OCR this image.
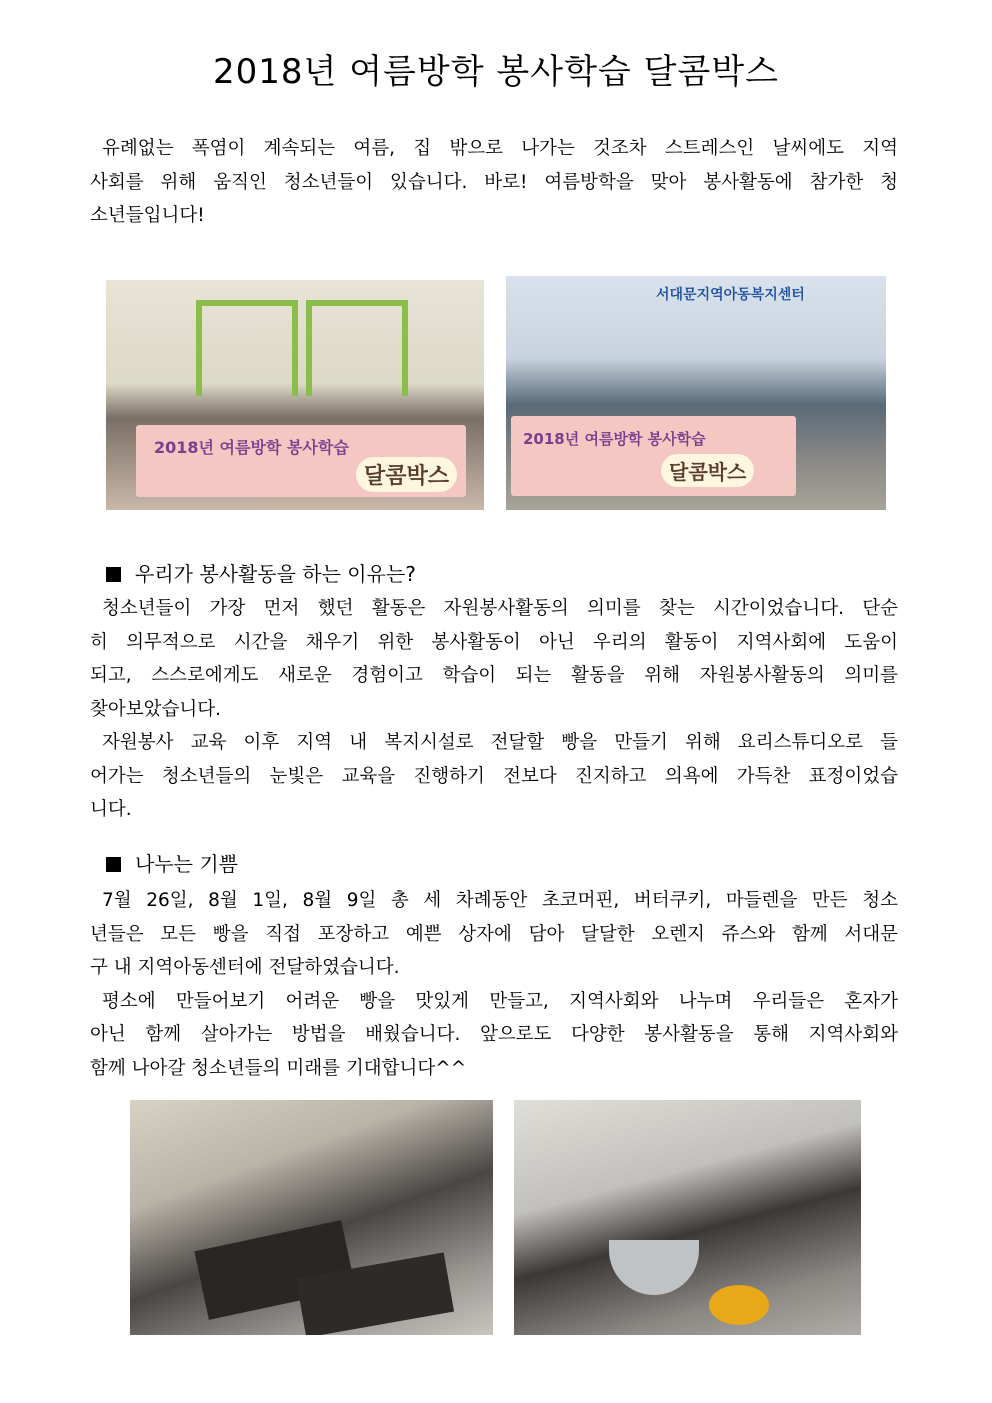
2018년 여름방학 봉사학습 달콤박스
유례없는 폭염이 계속되는 여름, 집 밖으로 나가는 것조차 스트레스인 날씨에도 지역
사회를 위해 움직인 청소년들이 있습니다. 바로! 여름방학을 맞아 봉사활동에 참가한 청
소년들입니다!
2018년 여름방학 봉사학습
달콤박스
서대문지역아동복지센터
2018년 여름방학 봉사학습
달콤박스
우리가 봉사활동을 하는 이유는?
청소년들이 가장 먼저 했던 활동은 자원봉사활동의 의미를 찾는 시간이었습니다. 단순
히 의무적으로 시간을 채우기 위한 봉사활동이 아닌 우리의 활동이 지역사회에 도움이
되고, 스스로에게도 새로운 경험이고 학습이 되는 활동을 위해 자원봉사활동의 의미를
찾아보았습니다.
자원봉사 교육 이후 지역 내 복지시설로 전달할 빵을 만들기 위해 요리스튜디오로 들
어가는 청소년들의 눈빛은 교육을 진행하기 전보다 진지하고 의욕에 가득찬 표정이었습
니다.
나누는 기쁨
7월 26일, 8월 1일, 8월 9일 총 세 차례동안 초코머핀, 버터쿠키, 마들렌을 만든 청소
년들은 모든 빵을 직접 포장하고 예쁜 상자에 담아 달달한 오렌지 쥬스와 함께 서대문
구 내 지역아동센터에 전달하였습니다.
평소에 만들어보기 어려운 빵을 맛있게 만들고, 지역사회와 나누며 우리들은 혼자가
아닌 함께 살아가는 방법을 배웠습니다. 앞으로도 다양한 봉사활동을 통해 지역사회와
함께 나아갈 청소년들의 미래를 기대합니다^^
